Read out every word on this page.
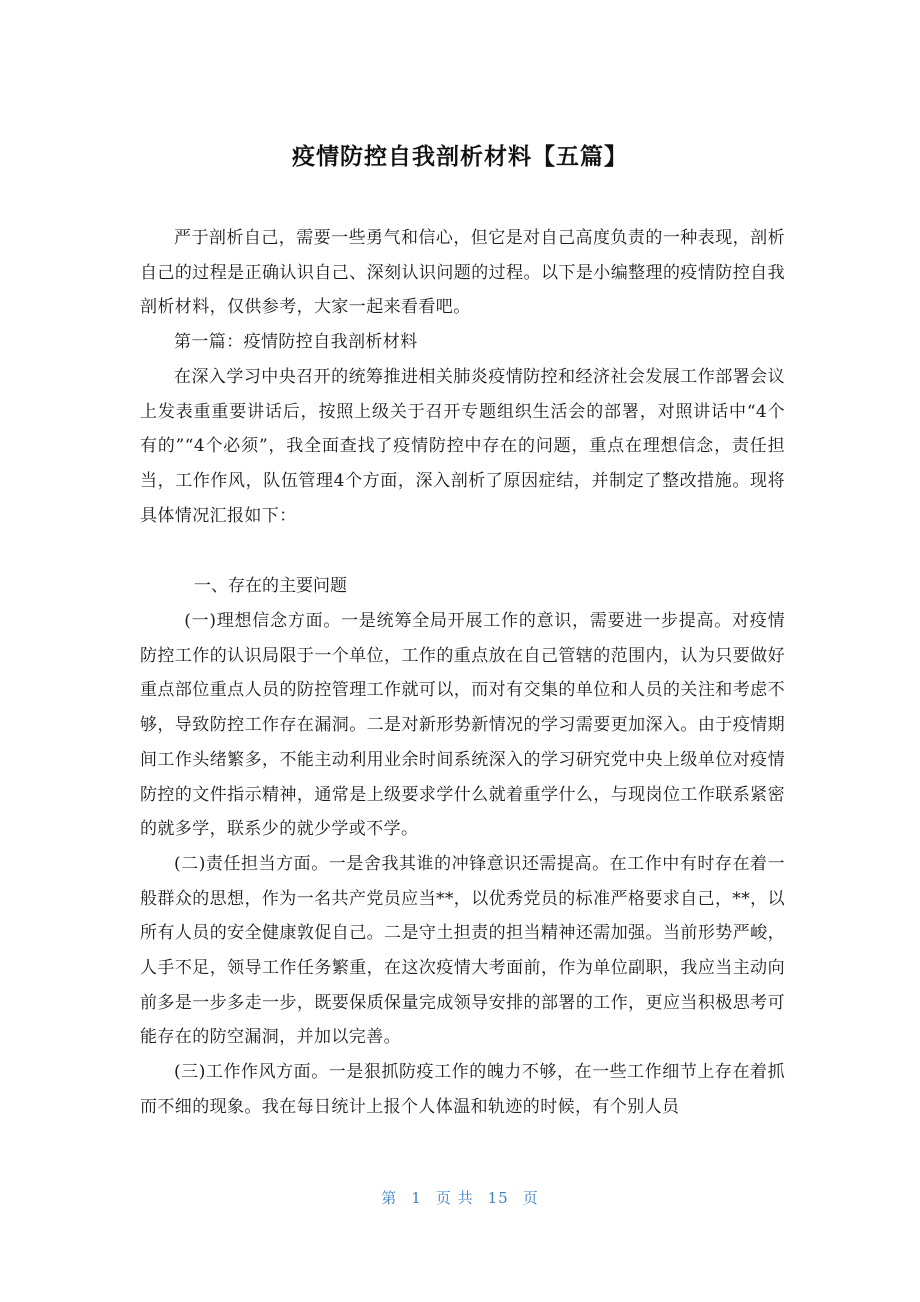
疫情防控自我剖析材料【五篇】

严于剖析自己，需要一些勇气和信心，但它是对自己高度负责的一种表现，剖析自己的过程是正确认识自己、深刻认识问题的过程。以下是小编整理的疫情防控自我剖析材料，仅供参考，大家一起来看看吧。

第一篇：疫情防控自我剖析材料

在深入学习中央召开的统筹推进相关肺炎疫情防控和经济社会发展工作部署会议上发表重重要讲话后，按照上级关于召开专题组织生活会的部署，对照讲话中“4个有的”“4个必须”，我全面查找了疫情防控中存在的问题，重点在理想信念，责任担当，工作作风，队伍管理4个方面，深入剖析了原因症结，并制定了整改措施。现将具体情况汇报如下：

一、存在的主要问题

(一)理想信念方面。一是统筹全局开展工作的意识，需要进一步提高。对疫情防控工作的认识局限于一个单位，工作的重点放在自己管辖的范围内，认为只要做好重点部位重点人员的防控管理工作就可以，而对有交集的单位和人员的关注和考虑不够，导致防控工作存在漏洞。二是对新形势新情况的学习需要更加深入。由于疫情期间工作头绪繁多，不能主动利用业余时间系统深入的学习研究党中央上级单位对疫情防控的文件指示精神，通常是上级要求学什么就着重学什么，与现岗位工作联系紧密的就多学，联系少的就少学或不学。

(二)责任担当方面。一是舍我其谁的冲锋意识还需提高。在工作中有时存在着一般群众的思想，作为一名共产党员应当**，以优秀党员的标准严格要求自己，**，以所有人员的安全健康敦促自己。二是守土担责的担当精神还需加强。当前形势严峻，人手不足，领导工作任务繁重，在这次疫情大考面前，作为单位副职，我应当主动向前多是一步多走一步，既要保质保量完成领导安排的部署的工作，更应当积极思考可能存在的防空漏洞，并加以完善。

(三)工作作风方面。一是狠抓防疫工作的魄力不够，在一些工作细节上存在着抓而不细的现象。我在每日统计上报个人体温和轨迹的时候，有个别人员

第 1 页 共 15 页
